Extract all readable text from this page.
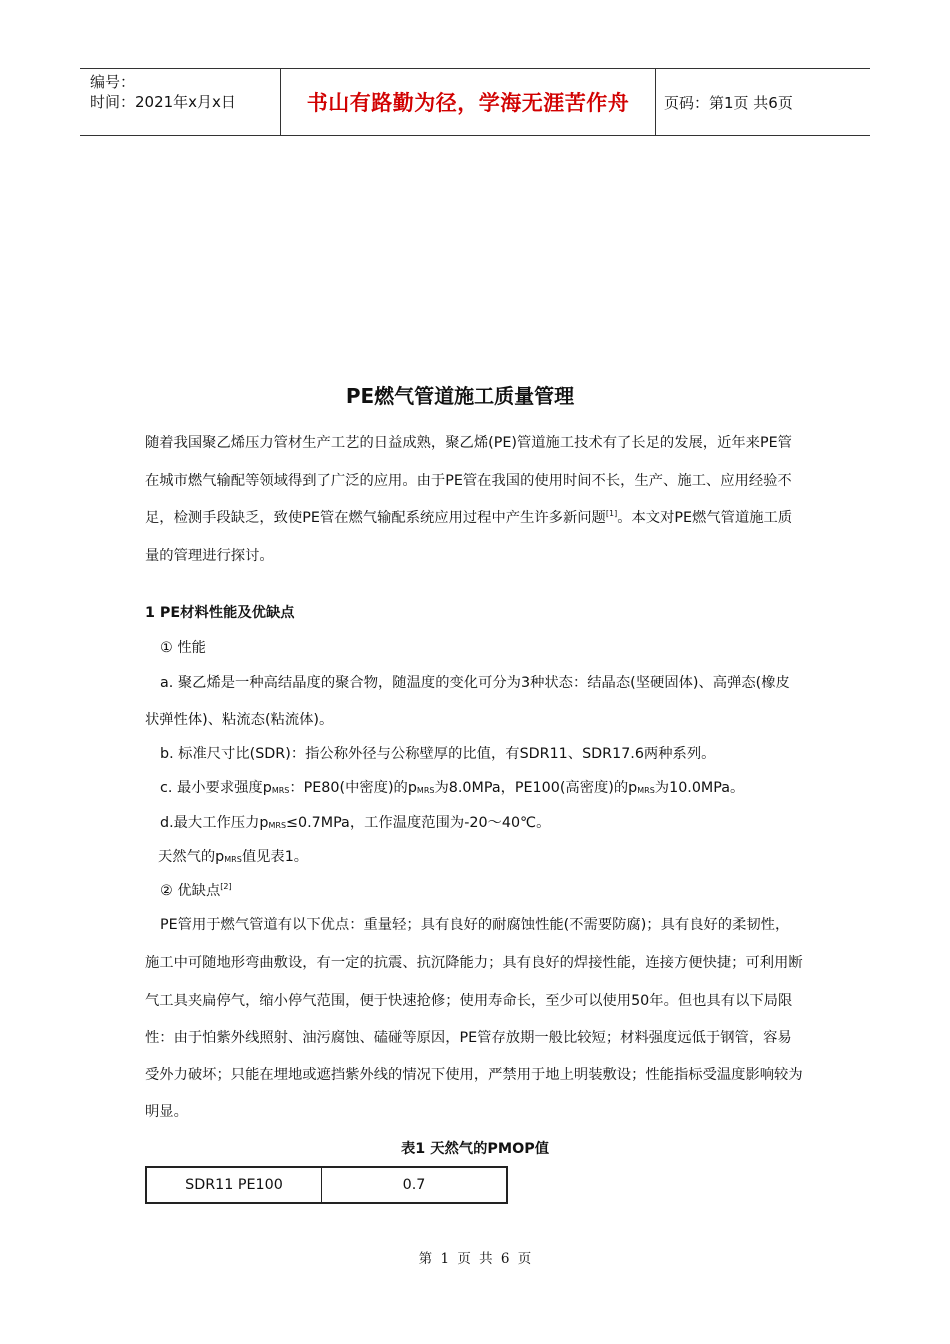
编号：
时间：2021年x月x日	书山有路勤为径，学海无涯苦作舟	页码：第1页 共6页
PE燃气管道施工质量管理
随着我国聚乙烯压力管材生产工艺的日益成熟，聚乙烯(PE)管道施工技术有了长足的发展，近年来PE管
在城市燃气输配等领域得到了广泛的应用。由于PE管在我国的使用时间不长，生产、施工、应用经验不
足，检测手段缺乏，致使PE管在燃气输配系统应用过程中产生许多新问题[1]。本文对PE燃气管道施工质
量的管理进行探讨。
1 PE材料性能及优缺点
① 性能
a. 聚乙烯是一种高结晶度的聚合物，随温度的变化可分为3种状态：结晶态(坚硬固体)、高弹态(橡皮
状弹性体)、粘流态(粘流体)。
b. 标准尺寸比(SDR)：指公称外径与公称壁厚的比值，有SDR11、SDR17.6两种系列。
c. 最小要求强度$p_{MRS}$：PE80(中密度)的$p_{MRS}$为8.0MPa，PE100(高密度)的$p_{MRS}$为10.0MPa。
d.最大工作压力$p_{MRS}\le 0.7MPa$，工作温度范围为-20～40℃。
天然气的$p_{MRS}$值见表1。
② 优缺点[2]
PE管用于燃气管道有以下优点：重量轻；具有良好的耐腐蚀性能(不需要防腐)；具有良好的柔韧性，
施工中可随地形弯曲敷设，有一定的抗震、抗沉降能力；具有良好的焊接性能，连接方便快捷；可利用断
气工具夹扁停气，缩小停气范围，便于快速抢修；使用寿命长，至少可以使用50年。但也具有以下局限
性：由于怕紫外线照射、油污腐蚀、磕碰等原因，PE管存放期一般比较短；材料强度远低于钢管，容易
受外力破坏；只能在埋地或遮挡紫外线的情况下使用，严禁用于地上明装敷设；性能指标受温度影响较为
明显。
表1 天然气的PMOP值
SDR11 PE100	0.7
第 1 页 共 6 页
